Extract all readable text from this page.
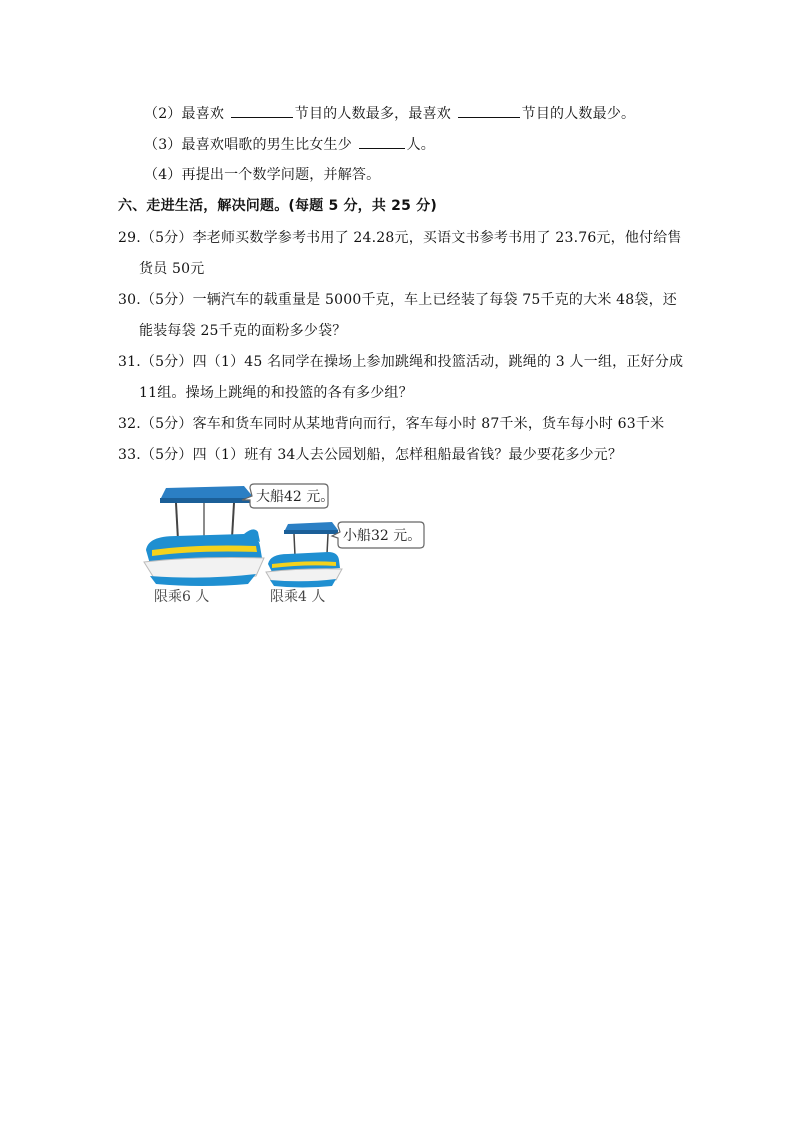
（2）最喜欢	节目的人数最多，最喜欢	节目的人数最少。
（3）最喜欢唱歌的男生比女生少	人。
（4）再提出一个数学问题，并解答。
六、走进生活，解决问题。(每题 5 分，共 25 分)
29.（5分）李老师买数学参考书用了 24.28元，买语文书参考书用了 23.76元，他付给售
货员 50元
30.（5分）一辆汽车的载重量是 5000千克，车上已经装了每袋 75千克的大米 48袋，还
能装每袋 25千克的面粉多少袋？
31.（5分）四（1）45 名同学在操场上参加跳绳和投篮活动，跳绳的 3 人一组，正好分成
11组。操场上跳绳的和投篮的各有多少组？
32.（5分）客车和货车同时从某地背向而行，客车每小时 87千米，货车每小时 63千米
33.（5分）四（1）班有 34人去公园划船，怎样租船最省钱？最少要花多少元？
大船42 元。
小船32 元。
限乘6 人	限乘4 人
